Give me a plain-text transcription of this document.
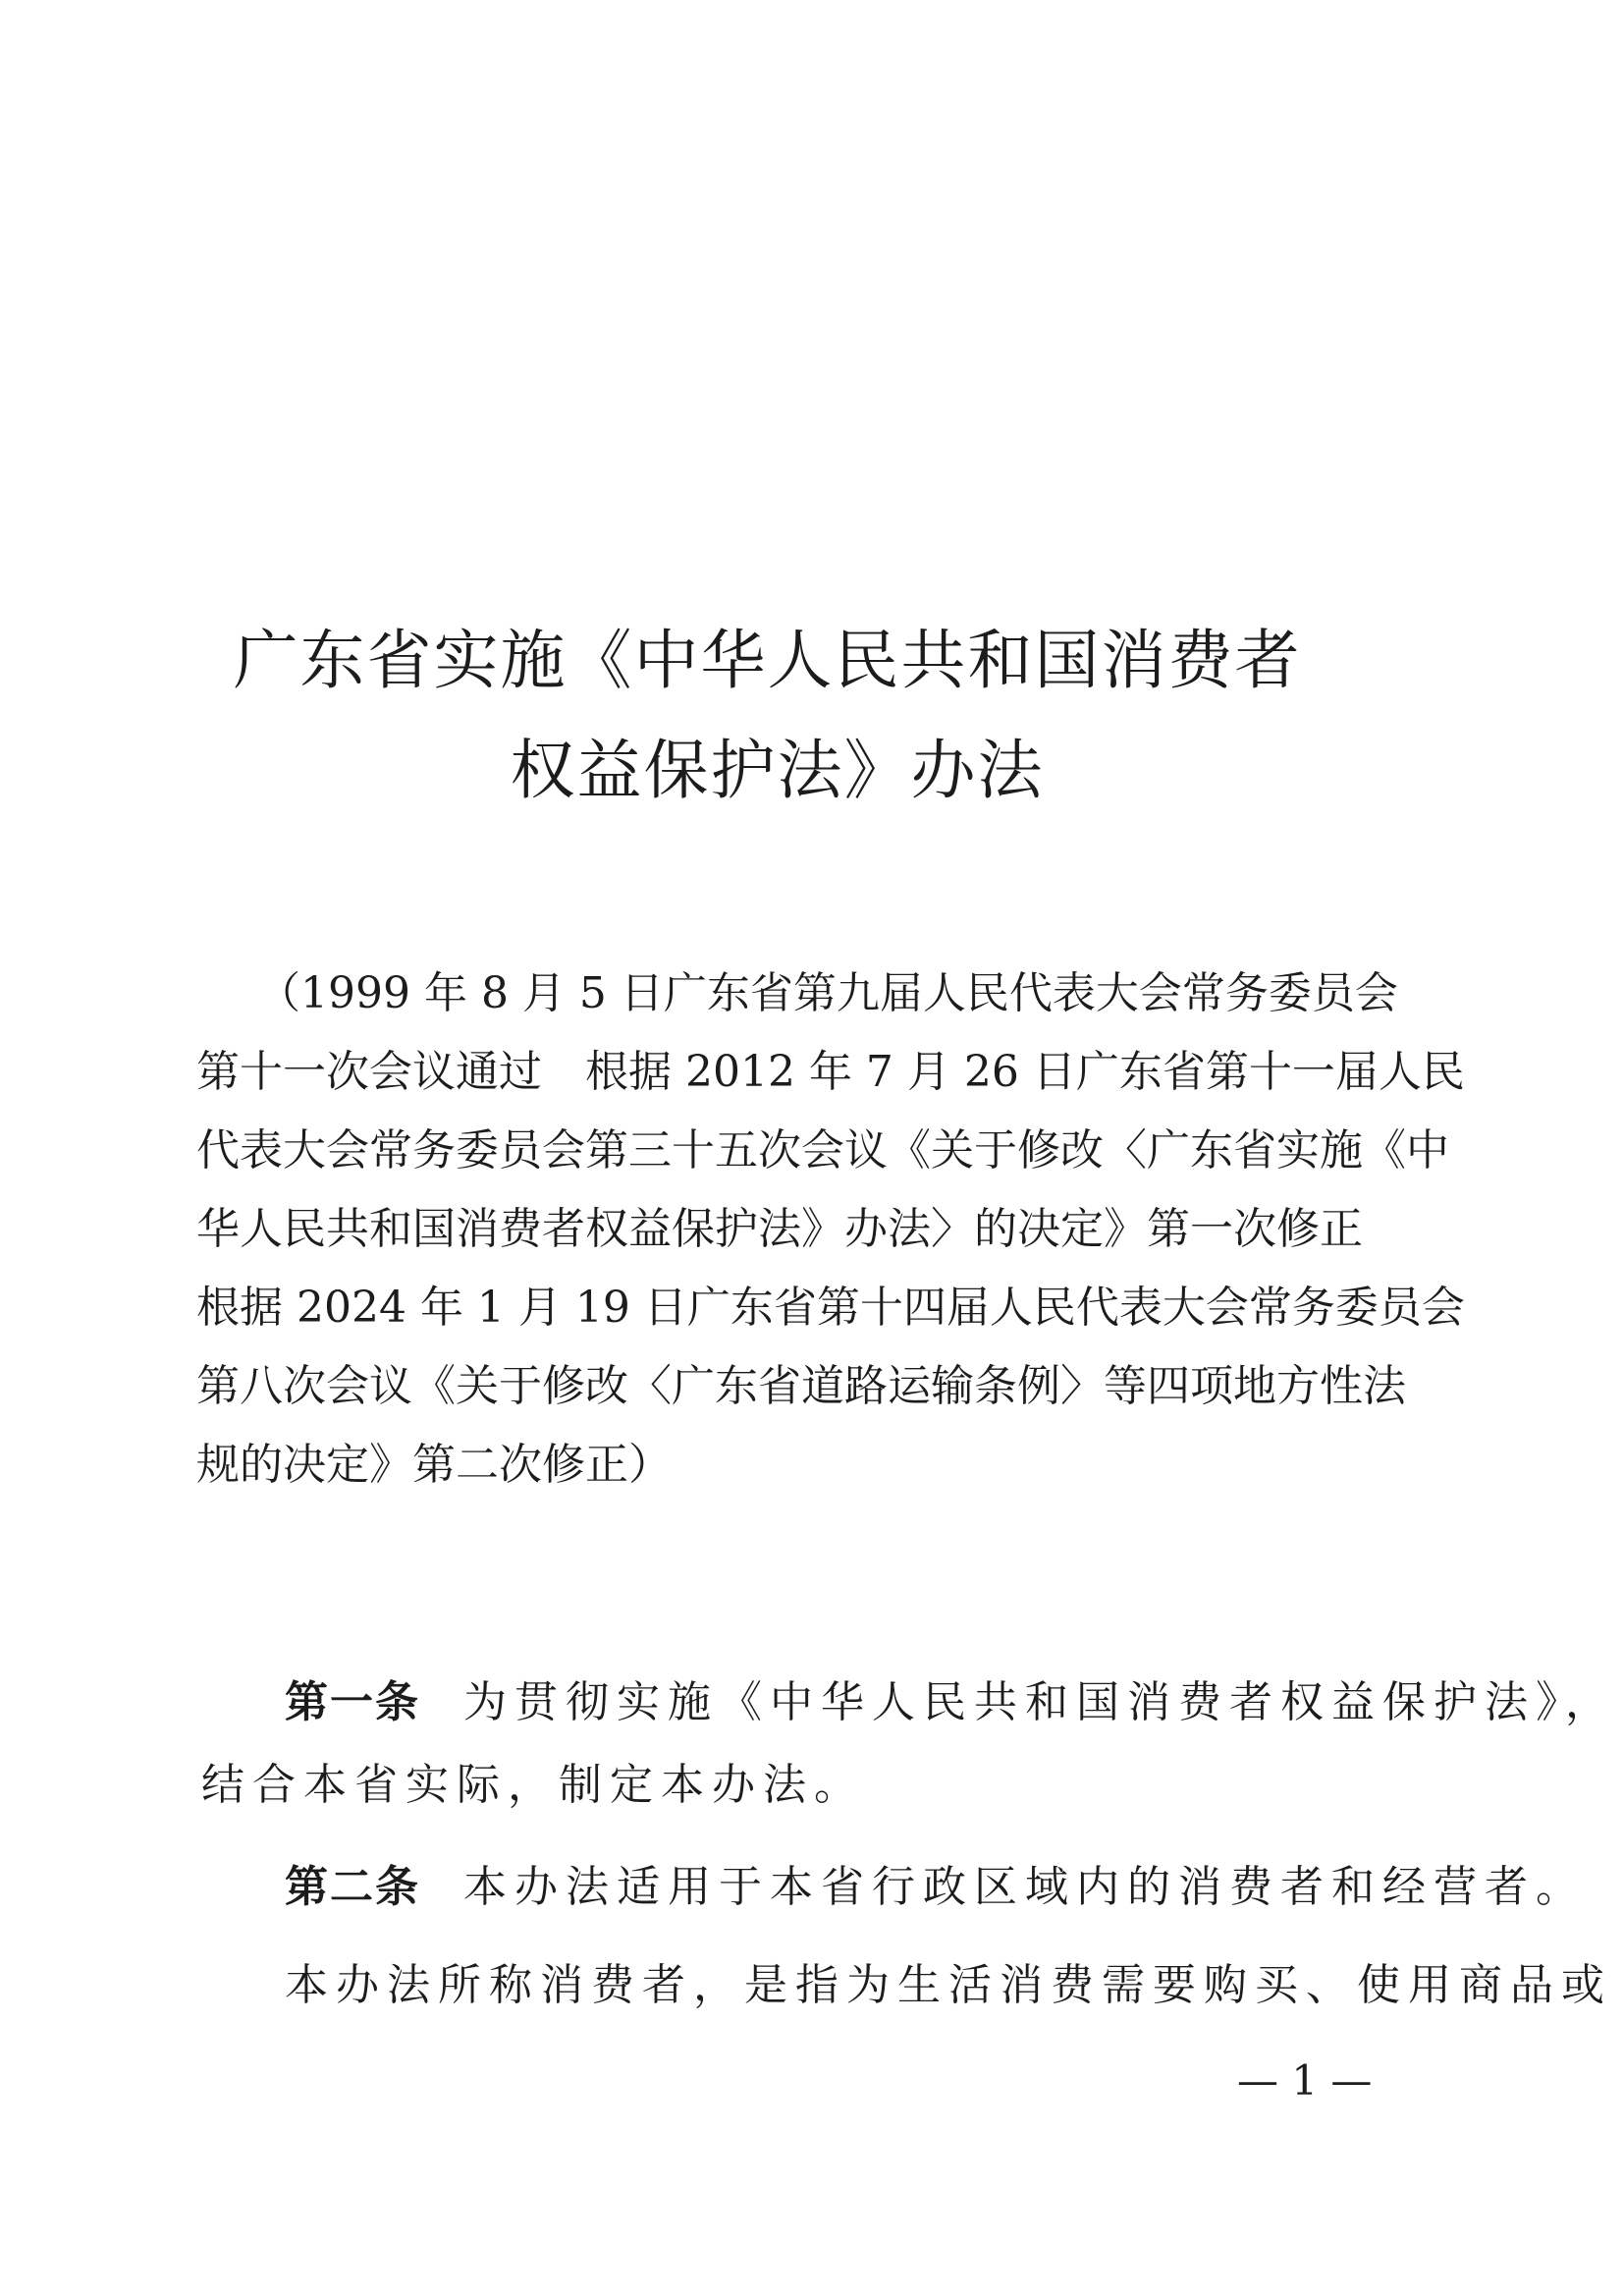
广东省实施《中华人民共和国消费者
权益保护法》办法
（1999 年 8 月 5 日广东省第九届人民代表大会常务委员会
第十一次会议通过　根据 2012 年 7 月 26 日广东省第十一届人民
代表大会常务委员会第三十五次会议《关于修改〈广东省实施《中
华人民共和国消费者权益保护法》办法〉的决定》第一次修正
根据 2024 年 1 月 19 日广东省第十四届人民代表大会常务委员会
第八次会议《关于修改〈广东省道路运输条例〉等四项地方性法
规的决定》第二次修正）
第一条 为贯彻实施《中华人民共和国消费者权益保护法》，
结合本省实际，制定本办法。
第二条 本办法适用于本省行政区域内的消费者和经营者。
本办法所称消费者，是指为生活消费需要购买、使用商品或
— 1 —
